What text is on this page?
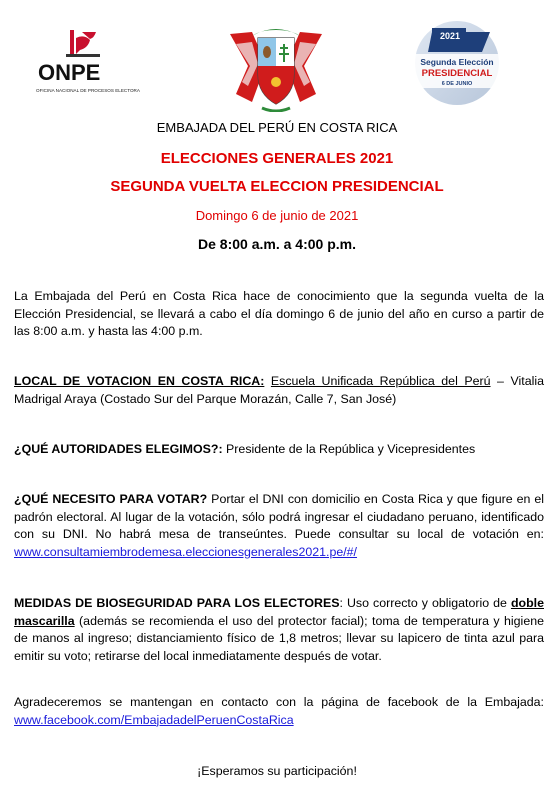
ONPE
OFICINA NACIONAL DE PROCESOS ELECTORALES
2021
Segunda Elección
PRESIDENCIAL
6 DE JUNIO
EMBAJADA DEL PERÚ EN COSTA RICA
ELECCIONES GENERALES 2021
SEGUNDA VUELTA ELECCION PRESIDENCIAL
Domingo 6 de junio de 2021
De 8:00 a.m. a 4:00 p.m.
La Embajada del Perú en Costa Rica hace de conocimiento que la segunda vuelta de la Elección Presidencial, se llevará a cabo el día domingo 6 de junio del año en curso a partir de las 8:00 a.m. y hasta las 4:00 p.m.
LOCAL DE VOTACION EN COSTA RICA: Escuela Unificada República del Perú – Vitalia Madrigal Araya (Costado Sur del Parque Morazán, Calle 7, San José)
¿QUÉ AUTORIDADES ELEGIMOS?: Presidente de la República y Vicepresidentes
¿QUÉ NECESITO PARA VOTAR? Portar el DNI con domicilio en Costa Rica y que figure en el padrón electoral. Al lugar de la votación, sólo podrá ingresar el ciudadano peruano, identificado con su DNI. No habrá mesa de transeúntes. Puede consultar su local de votación en: www.consultamiembrodemesa.eleccionesgenerales2021.pe/#/
MEDIDAS DE BIOSEGURIDAD PARA LOS ELECTORES: Uso correcto y obligatorio de doble mascarilla (además se recomienda el uso del protector facial); toma de temperatura y higiene de manos al ingreso; distanciamiento físico de 1,8 metros; llevar su lapicero de tinta azul para emitir su voto; retirarse del local inmediatamente después de votar.
Agradeceremos se mantengan en contacto con la página de facebook de la Embajada: www.facebook.com/EmbajadadelPeruenCostaRica
¡Esperamos su participación!
